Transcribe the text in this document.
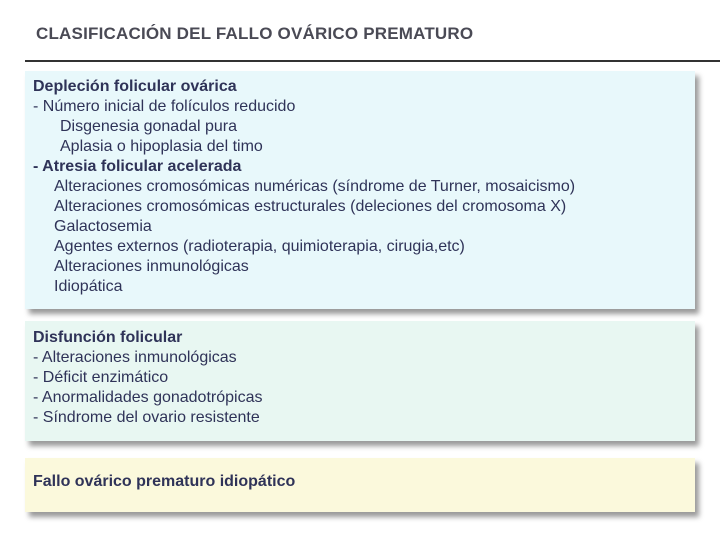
CLASIFICACIÓN DEL FALLO OVÁRICO PREMATURO
Depleción folicular ovárica
- Número inicial de folículos reducido
Disgenesia gonadal pura
Aplasia o hipoplasia del timo
- Atresia folicular acelerada
Alteraciones cromosómicas numéricas (síndrome de Turner, mosaicismo)
Alteraciones cromosómicas estructurales (deleciones del cromosoma X)
Galactosemia
Agentes externos (radioterapia, quimioterapia, cirugia,etc)
Alteraciones inmunológicas
Idiopática
Disfunción folicular
- Alteraciones inmunológicas
- Déficit enzimático
- Anormalidades gonadotrópicas
- Síndrome del ovario resistente
Fallo ovárico prematuro idiopático
